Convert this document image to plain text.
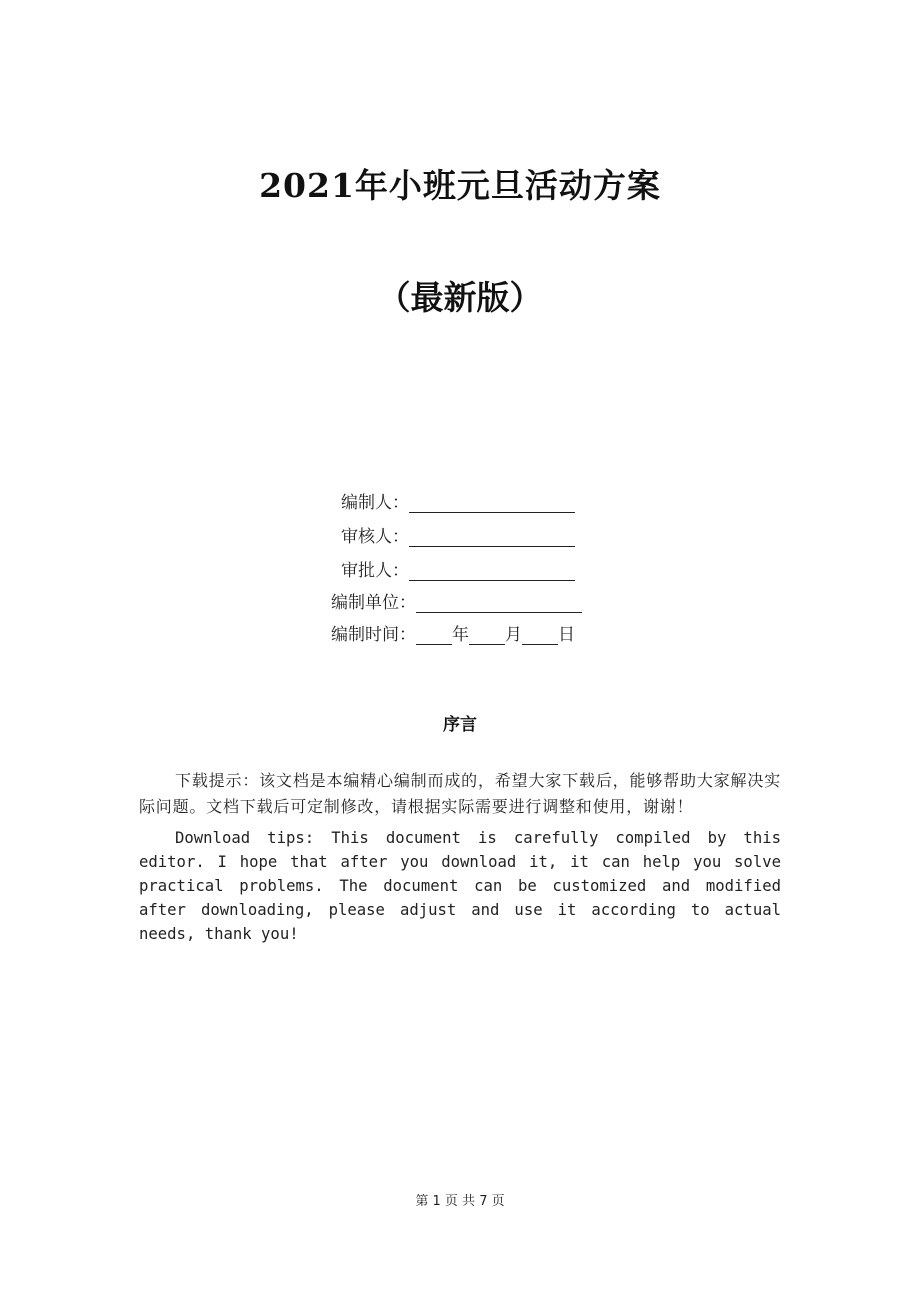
2021年小班元旦活动方案
（最新版）
编制人：
审核人：
审批人：
编制单位：
编制时间： 年 月 日
序言
下载提示：该文档是本编精心编制而成的，希望大家下载后，能够帮助大家解决实际问题。文档下载后可定制修改，请根据实际需要进行调整和使用，谢谢！
Download tips: This document is carefully compiled by this editor. I hope that after you download it, it can help you solve practical problems. The document can be customized and modified after downloading, please adjust and use it according to actual needs, thank you!
第 1 页 共 7 页
